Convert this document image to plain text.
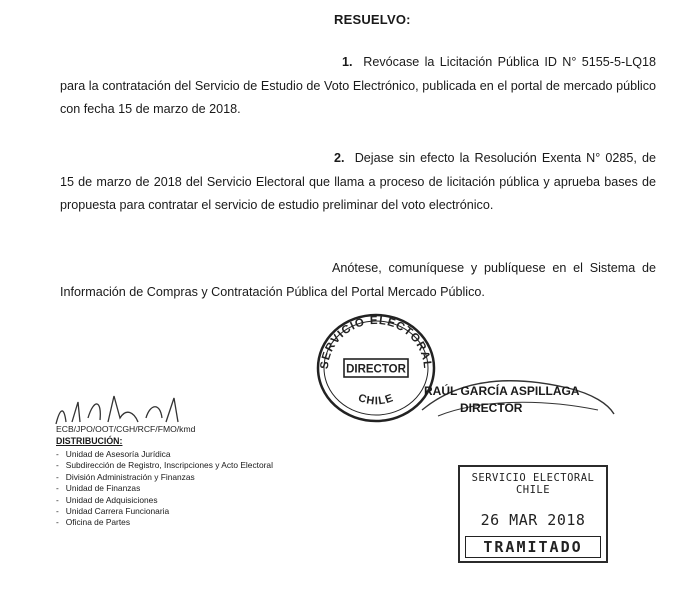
RESUELVO:
1. Revócase la Licitación Pública ID N° 5155-5-LQ18 para la contratación del Servicio de Estudio de Voto Electrónico, publicada en el portal de mercado público con fecha 15 de marzo de 2018.
2. Dejase sin efecto la Resolución Exenta N° 0285, de 15 de marzo de 2018 del Servicio Electoral que llama a proceso de licitación pública y aprueba bases de propuesta para contratar el servicio de estudio preliminar del voto electrónico.
Anótese, comuníquese y publíquese en el Sistema de Información de Compras y Contratación Pública del Portal Mercado Público.
SERVICIO ELECTORAL
DIRECTOR
CHILE
RAÚL GARCÍA ASPILLAGA
DIRECTOR
ECB/JPO/OOT/CGH/RCF/FMO/kmd
DISTRIBUCIÓN:
-   Unidad de Asesoría Jurídica
-   Subdirección de Registro, Inscripciones y Acto Electoral
-   División Administración y Finanzas
-   Unidad de Finanzas
-   Unidad de Adquisiciones
-   Unidad Carrera Funcionaria
-   Oficina de Partes
SERVICIO ELECTORAL
CHILE
26 MAR 2018
TRAMITADO
